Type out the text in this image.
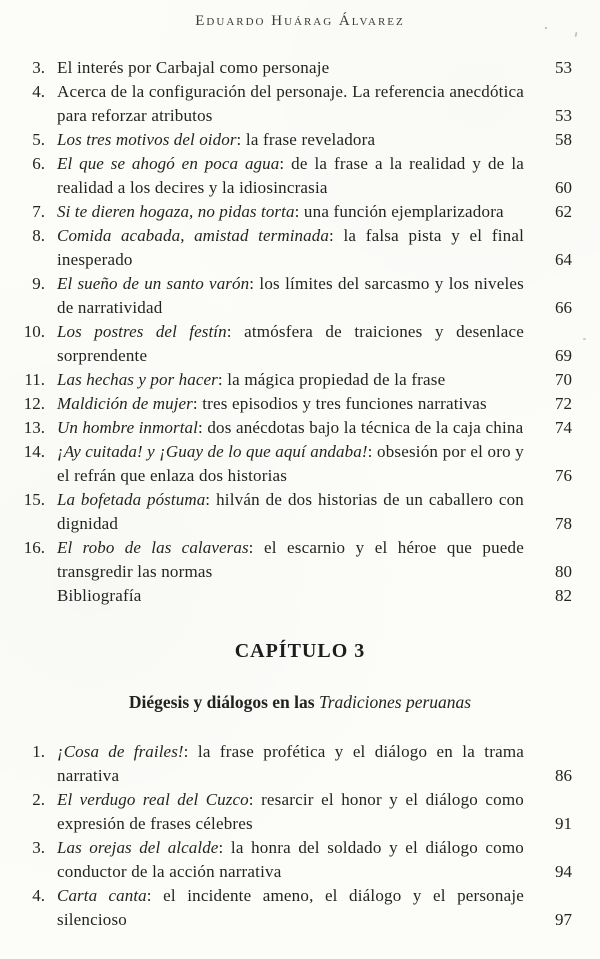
Eduardo Huárag Álvarez
3. El interés por Carbajal como personaje	53
4. Acerca de la configuración del personaje. La referencia anecdótica para reforzar atributos	53
5. Los tres motivos del oidor: la frase reveladora	58
6. El que se ahogó en poca agua: de la frase a la realidad y de la realidad a los decires y la idiosincrasia	60
7. Si te dieren hogaza, no pidas torta: una función ejemplarizadora	62
8. Comida acabada, amistad terminada: la falsa pista y el final inesperado	64
9. El sueño de un santo varón: los límites del sarcasmo y los niveles de narratividad	66
10. Los postres del festín: atmósfera de traiciones y desenlace sorprendente	69
11. Las hechas y por hacer: la mágica propiedad de la frase	70
12. Maldición de mujer: tres episodios y tres funciones narrativas	72
13. Un hombre inmortal: dos anécdotas bajo la técnica de la caja china	74
14. ¡Ay cuitada! y ¡Guay de lo que aquí andaba!: obsesión por el oro y el refrán que enlaza dos historias	76
15. La bofetada póstuma: hilván de dos historias de un caballero con dignidad	78
16. El robo de las calaveras: el escarnio y el héroe que puede transgredir las normas	80
Bibliografía	82
CAPÍTULO 3
Diégesis y diálogos en las Tradiciones peruanas
1. ¡Cosa de frailes!: la frase profética y el diálogo en la trama narrativa	86
2. El verdugo real del Cuzco: resarcir el honor y el diálogo como expresión de frases célebres	91
3. Las orejas del alcalde: la honra del soldado y el diálogo como conductor de la acción narrativa	94
4. Carta canta: el incidente ameno, el diálogo y el personaje silencioso	97
